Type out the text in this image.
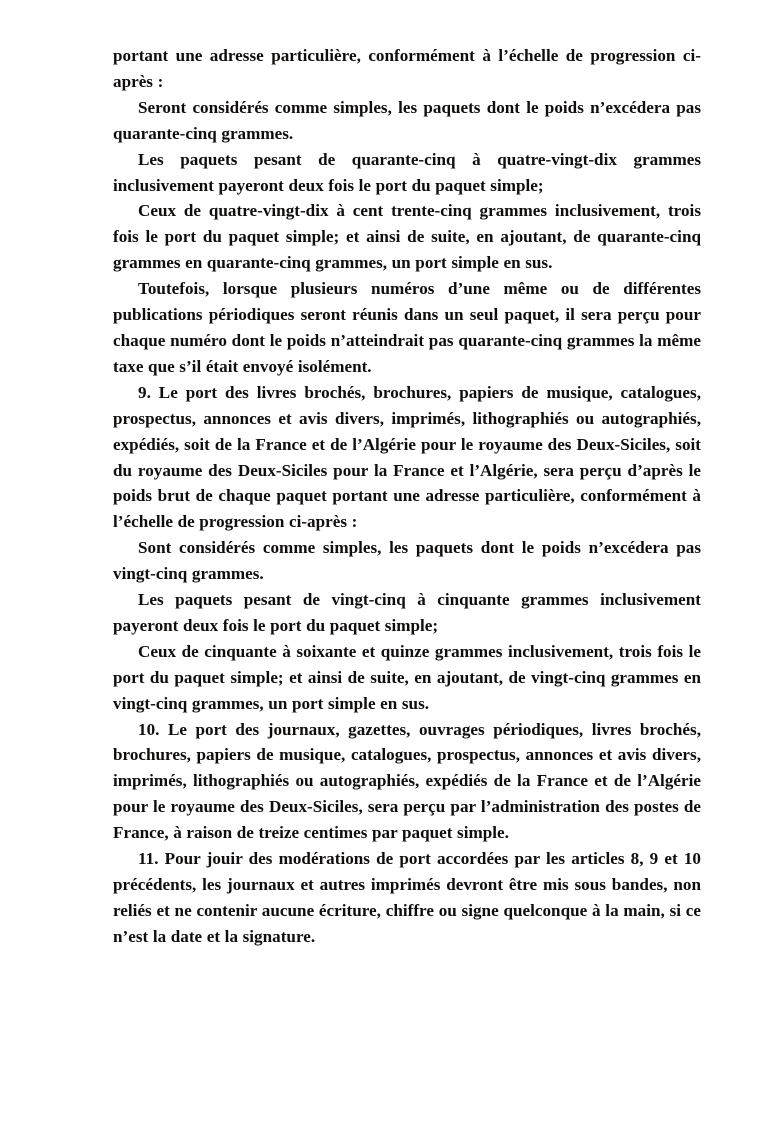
portant une adresse particulière, conformément à l’échelle de progression ci-après :

Seront considérés comme simples, les paquets dont le poids n’excédera pas quarante-cinq grammes.

Les paquets pesant de quarante-cinq à quatre-vingt-dix grammes inclusivement payeront deux fois le port du paquet simple;

Ceux de quatre-vingt-dix à cent trente-cinq grammes inclusivement, trois fois le port du paquet simple; et ainsi de suite, en ajoutant, de quarante-cinq grammes en quarante-cinq grammes, un port simple en sus.

Toutefois, lorsque plusieurs numéros d’une même ou de différentes publications périodiques seront réunis dans un seul paquet, il sera perçu pour chaque numéro dont le poids n’atteindrait pas quarante-cinq grammes la même taxe que s’il était envoyé isolément.

9. Le port des livres brochés, brochures, papiers de musique, catalogues, prospectus, annonces et avis divers, imprimés, lithographiés ou autographiés, expédiés, soit de la France et de l’Algérie pour le royaume des Deux-Siciles, soit du royaume des Deux-Siciles pour la France et l’Algérie, sera perçu d’après le poids brut de chaque paquet portant une adresse particulière, conformément à l’échelle de progression ci-après :

Sont considérés comme simples, les paquets dont le poids n’excédera pas vingt-cinq grammes.

Les paquets pesant de vingt-cinq à cinquante grammes inclusivement payeront deux fois le port du paquet simple;

Ceux de cinquante à soixante et quinze grammes inclusivement, trois fois le port du paquet simple; et ainsi de suite, en ajoutant, de vingt-cinq grammes en vingt-cinq grammes, un port simple en sus.

10. Le port des journaux, gazettes, ouvrages périodiques, livres brochés, brochures, papiers de musique, catalogues, prospectus, annonces et avis divers, imprimés, lithographiés ou autographiés, expédiés de la France et de l’Algérie pour le royaume des Deux-Siciles, sera perçu par l’administration des postes de France, à raison de treize centimes par paquet simple.

11. Pour jouir des modérations de port accordées par les articles 8, 9 et 10 précédents, les journaux et autres imprimés devront être mis sous bandes, non reliés et ne contenir aucune écriture, chiffre ou signe quelconque à la main, si ce n’est la date et la signature.
